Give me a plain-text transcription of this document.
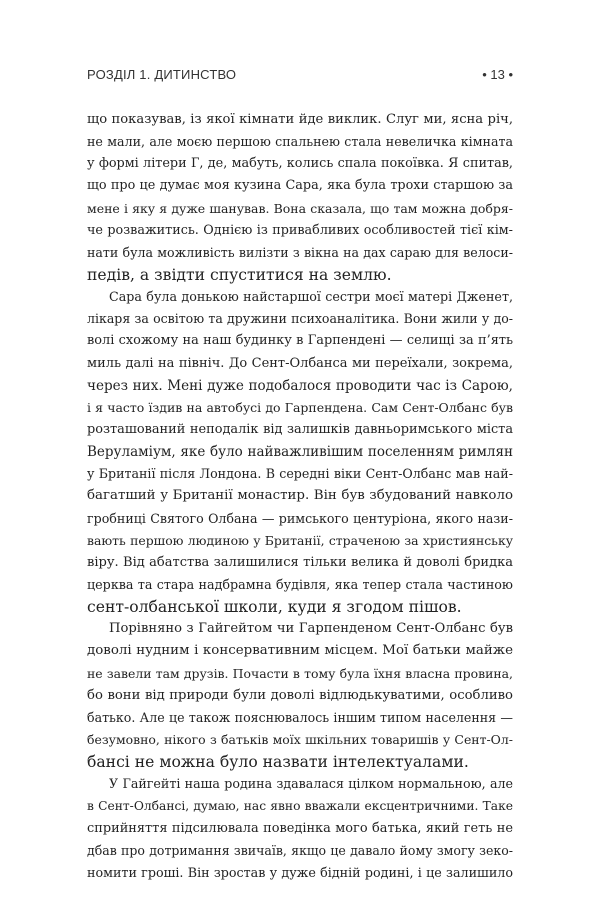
РОЗДІЛ 1. ДИТИНСТВО	• 13 •
що показував, із якої кімнати йде виклик. Слуг ми, ясна річ,
не мали, але моєю першою спальнею стала невеличка кімната
у формі літери Г, де, мабуть, колись спала покоївка. Я спитав,
що про це думає моя кузина Сара, яка була трохи старшою за
мене і яку я дуже шанував. Вона сказала, що там можна добря-
че розважитись. Однією із привабливих особливостей тієї кім-
нати була можливість вилізти з вікна на дах сараю для велоси-
педів, а звідти спуститися на землю.
Сара була донькою найстаршої сестри моєї матері Дженет,
лікаря за освітою та дружини психоаналітика. Вони жили у до-
волі схожому на наш будинку в Гарпендені — селищі за п’ять
миль далі на північ. До Сент-Олбанса ми переїхали, зокрема,
через них. Мені дуже подобалося проводити час із Сарою,
і я часто їздив на автобусі до Гарпендена. Сам Сент-Олбанс був
розташований неподалік від залишків давньоримського міста
Веруламіум, яке було найважливішим поселенням римлян
у Британії після Лондона. В середні віки Сент-Олбанс мав най-
багатший у Британії монастир. Він був збудований навколо
гробниці Святого Олбана — римського центуріона, якого нази-
вають першою людиною у Британії, страченою за християнську
віру. Від абатства залишилися тільки велика й доволі бридка
церква та стара надбрамна будівля, яка тепер стала частиною
сент-олбанської школи, куди я згодом пішов.
Порівняно з Гайгейтом чи Гарпенденом Сент-Олбанс був
доволі нудним і консервативним місцем. Мої батьки майже
не завели там друзів. Почасти в тому була їхня власна провина,
бо вони від природи були доволі відлюдькуватими, особливо
батько. Але це також пояснювалось іншим типом населення —
безумовно, нікого з батьків моїх шкільних товаришів у Сент-Ол-
бансі не можна було назвати інтелектуалами.
У Гайгейті наша родина здавалася цілком нормальною, але
в Сент-Олбансі, думаю, нас явно вважали ексцентричними. Таке
сприйняття підсилювала поведінка мого батька, який геть не
дбав про дотримання звичаїв, якщо це давало йому змогу зеко-
номити гроші. Він зростав у дуже бідній родині, і це залишило
